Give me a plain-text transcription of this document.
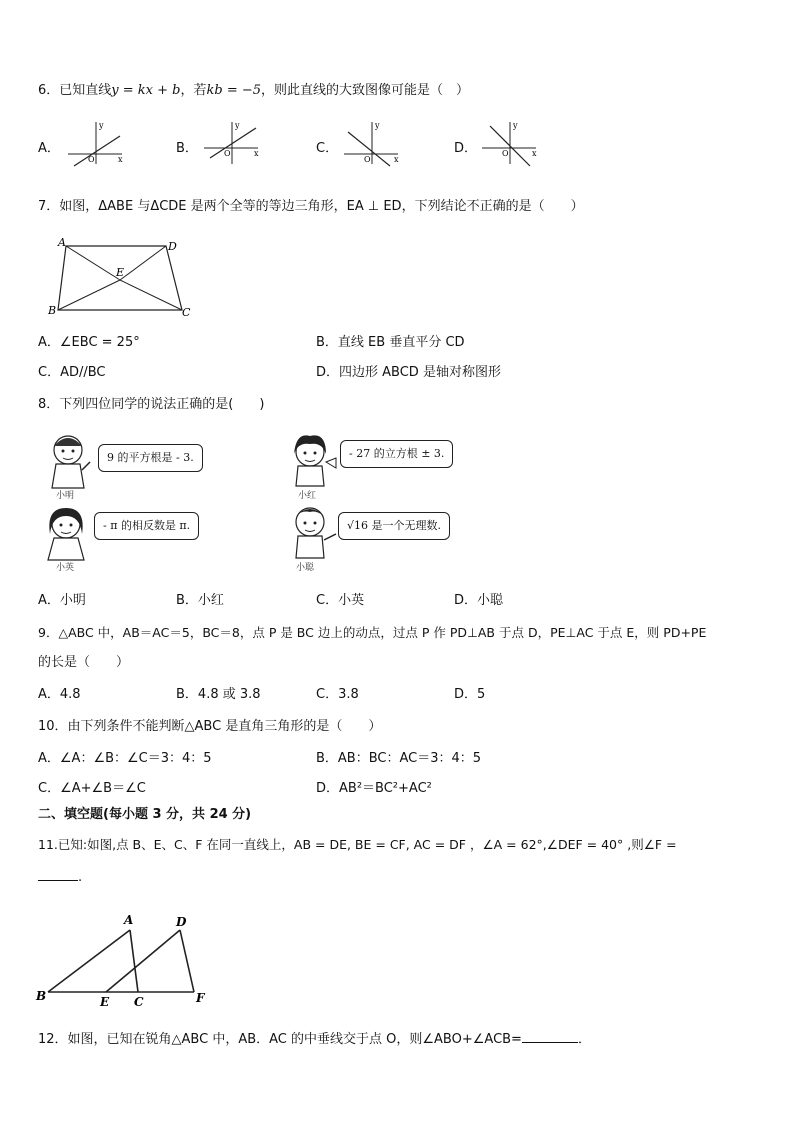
6．已知直线y = kx + b，若kb = −5，则此直线的大致图像可能是（　）
A．
y
x
O
B．
y
x
O	C．
y
x
O
D．
y
x
O
7．如图，ΔABE 与ΔCDE 是两个全等的等边三角形，EA ⊥ ED，下列结论不正确的是（　　）
A	D
E
B	C
A．∠EBC = 25°	B．直线 EB 垂直平分 CD
C．AD//BC	D．四边形 ABCD 是轴对称图形
8．下列四位同学的说法正确的是(　　)
小明
9 的平方根是 - 3.
小红
- 27 的立方根 ± 3.
小英
- π 的相反数是 π.
小聪
√16 是一个无理数.
A．小明	B．小红	C．小英	D．小聪
9．△ABC 中，AB＝AC＝5，BC＝8，点 P 是 BC 边上的动点，过点 P 作 PD⊥AB 于点 D，PE⊥AC 于点 E，则 PD+PE
的长是（　　）
A．4.8	B．4.8 或 3.8	C．3.8	D．5
10．由下列条件不能判断△ABC 是直角三角形的是（　　）
A．∠A：∠B：∠C＝3：4：5	B．AB：BC：AC＝3：4：5
C．∠A+∠B＝∠C	D．AB²＝BC²+AC²
二、填空题(每小题 3 分，共 24 分)
11.已知:如图,点 B、E、C、F 在同一直线上，AB = DE, BE = CF, AC = DF ，∠A = 62°,∠DEF = 40° ,则∠F =
.
A	D
B	E C	F
12．如图，已知在锐角△ABC 中，AB．AC 的中垂线交于点 O，则∠ABO+∠ACB=	．
